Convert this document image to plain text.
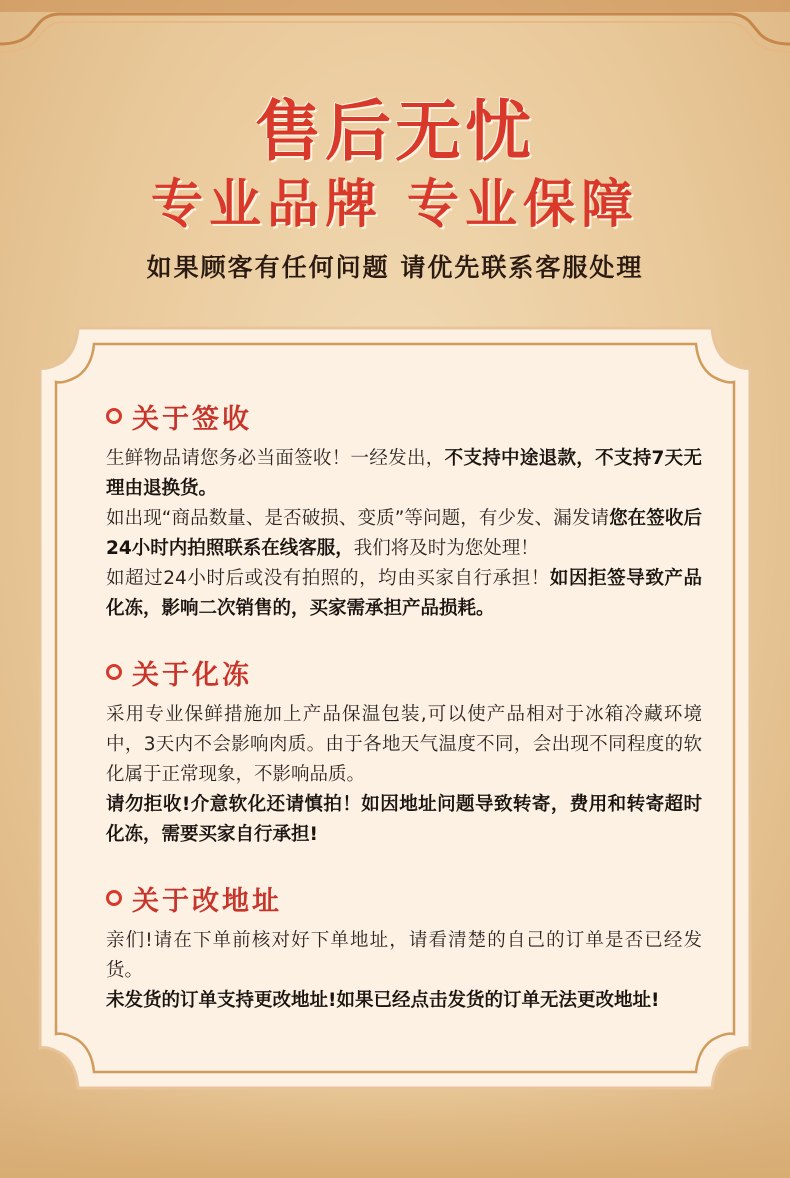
售后无忧
专业品牌 专业保障
如果顾客有任何问题 请优先联系客服处理
关于签收

生鲜物品请您务必当面签收！一经发出，不支持中途退款，不支持7天无理由退换货。

如出现“商品数量、是否破损、变质”等问题，有少发、漏发请您在签收后24小时内拍照联系在线客服，我们将及时为您处理！

如超过24小时后或没有拍照的，均由买家自行承担！如因拒签导致产品化冻，影响二次销售的，买家需承担产品损耗。

关于化冻

采用专业保鲜措施加上产品保温包装,可以使产品相对于冰箱冷藏环境中，3天内不会影响肉质。由于各地天气温度不同，会出现不同程度的软化属于正常现象，不影响品质。

请勿拒收!介意软化还请慎拍！如因地址问题导致转寄，费用和转寄超时化冻，需要买家自行承担!

关于改地址

亲们!请在下单前核对好下单地址，请看清楚的自己的订单是否已经发货。

未发货的订单支持更改地址!如果已经点击发货的订单无法更改地址!
